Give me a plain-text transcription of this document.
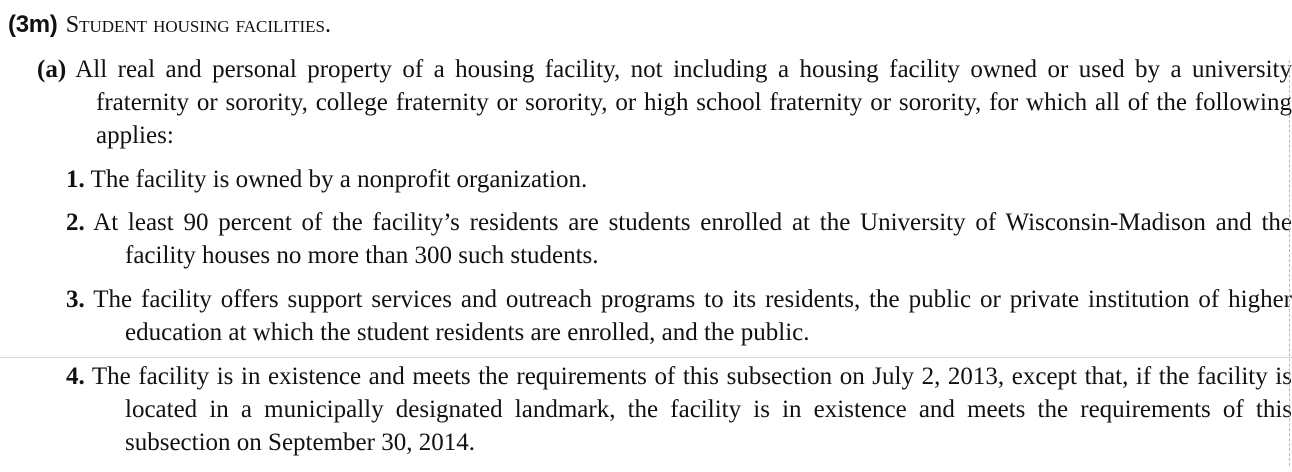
(3m) Student housing facilities.
(a) All real and personal property of a housing facility, not including a housing facility owned or used by a university fraternity or sorority, college fraternity or sorority, or high school fraternity or sorority, for which all of the following applies:
1. The facility is owned by a nonprofit organization.
2. At least 90 percent of the facility’s residents are students enrolled at the University of Wisconsin-Madison and the facility houses no more than 300 such students.
3. The facility offers support services and outreach programs to its residents, the public or private institution of higher education at which the student residents are enrolled, and the public.
4. The facility is in existence and meets the requirements of this subsection on July 2, 2013, except that, if the facility is located in a municipally designated landmark, the facility is in existence and meets the requirements of this subsection on September 30, 2014.
